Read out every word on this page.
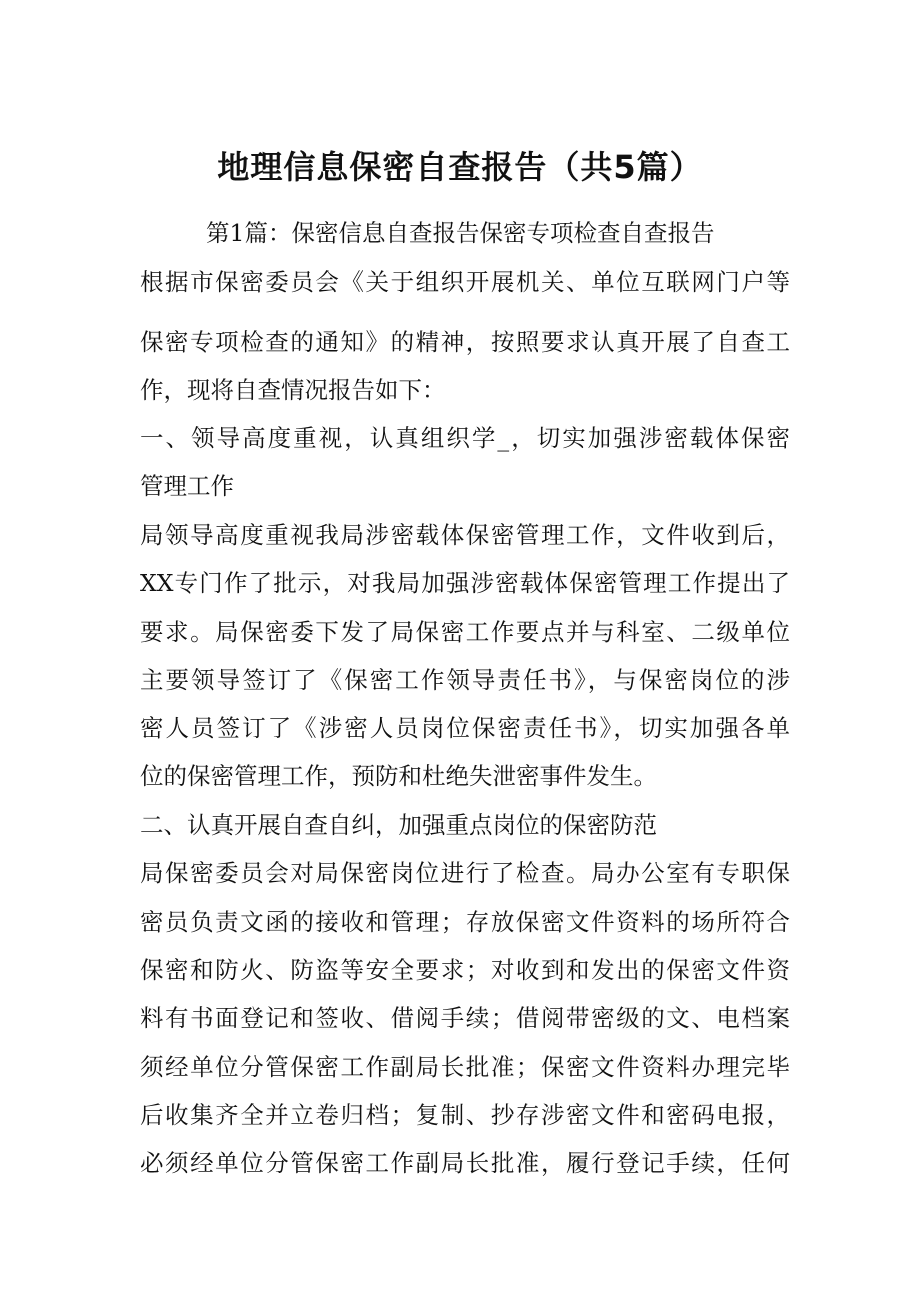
地理信息保密自查报告（共5篇）
第1篇：保密信息自查报告保密专项检查自查报告
根据市保密委员会《关于组织开展机关、单位互联网门户等
保密专项检查的通知》的精神，按照要求认真开展了自查工
作，现将自查情况报告如下：
一、领导高度重视，认真组织学_，切实加强涉密载体保密
管理工作
局领导高度重视我局涉密载体保密管理工作，文件收到后，
XX专门作了批示，对我局加强涉密载体保密管理工作提出了
要求。局保密委下发了局保密工作要点并与科室、二级单位
主要领导签订了《保密工作领导责任书》，与保密岗位的涉
密人员签订了《涉密人员岗位保密责任书》，切实加强各单
位的保密管理工作，预防和杜绝失泄密事件发生。
二、认真开展自查自纠，加强重点岗位的保密防范
局保密委员会对局保密岗位进行了检查。局办公室有专职保
密员负责文函的接收和管理；存放保密文件资料的场所符合
保密和防火、防盗等安全要求；对收到和发出的保密文件资
料有书面登记和签收、借阅手续；借阅带密级的文、电档案
须经单位分管保密工作副局长批准；保密文件资料办理完毕
后收集齐全并立卷归档；复制、抄存涉密文件和密码电报，
必须经单位分管保密工作副局长批准，履行登记手续，任何
